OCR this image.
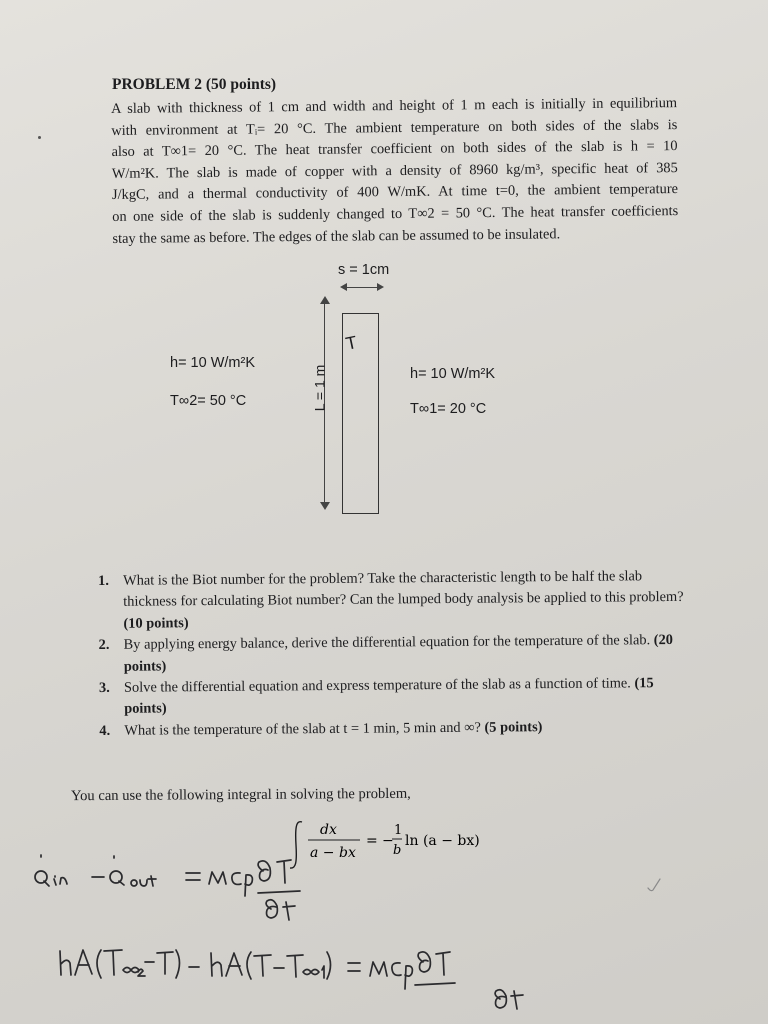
PROBLEM 2 (50 points)
A slab with thickness of 1 cm and width and height of 1 m each is initially in equilibrium
with environment at Tᵢ= 20 °C. The ambient temperature on both sides of the slabs is
also at T∞1= 20 °C. The heat transfer coefficient on both sides of the slab is h = 10
W/m²K. The slab is made of copper with a density of 8960 kg/m³, specific heat of 385
J/kgC, and a thermal conductivity of 400 W/mK. At time t=0, the ambient temperature
on one side of the slab is suddenly changed to T∞2 = 50 °C. The heat transfer coefficients
stay the same as before. The edges of the slab can be assumed to be insulated.
s = 1cm
L = 1 m
T
h= 10 W/m²K
T∞2= 50 °C
h= 10 W/m²K
T∞1= 20 °C
1. What is the Biot number for the problem? Take the characteristic length to be half the slab thickness for calculating Biot number? Can the lumped body analysis be applied to this problem? (10 points)
2. By applying energy balance, derive the differential equation for the temperature of the slab. (20 points)
3. Solve the differential equation and express temperature of the slab as a function of time. (15 points)
4. What is the temperature of the slab at t = 1 min, 5 min and ∞? (5 points)
You can use the following integral in solving the problem,
dx
a − bx
= −
1
b
ln (a − bx)
